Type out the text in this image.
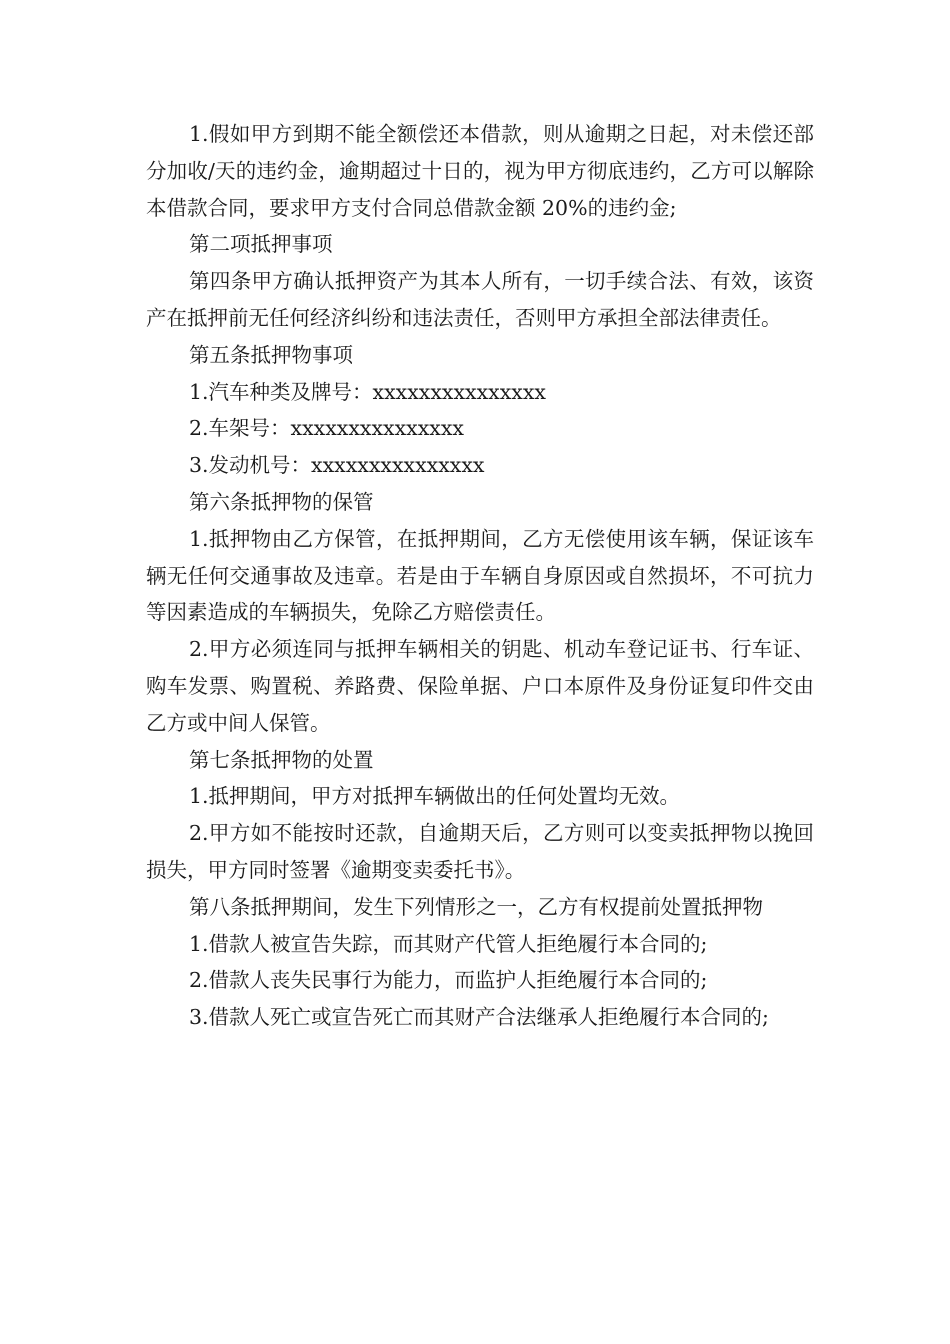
1.假如甲方到期不能全额偿还本借款，则从逾期之日起，对未偿还部分加收/天的违约金，逾期超过十日的，视为甲方彻底违约，乙方可以解除本借款合同，要求甲方支付合同总借款金额 20%的违约金;

第二项抵押事项

第四条甲方确认抵押资产为其本人所有，一切手续合法、有效，该资产在抵押前无任何经济纠纷和违法责任，否则甲方承担全部法律责任。

第五条抵押物事项

1.汽车种类及牌号：xxxxxxxxxxxxxxx

2.车架号：xxxxxxxxxxxxxxx

3.发动机号：xxxxxxxxxxxxxxx

第六条抵押物的保管

1.抵押物由乙方保管，在抵押期间，乙方无偿使用该车辆，保证该车辆无任何交通事故及违章。若是由于车辆自身原因或自然损坏，不可抗力等因素造成的车辆损失，免除乙方赔偿责任。

2.甲方必须连同与抵押车辆相关的钥匙、机动车登记证书、行车证、购车发票、购置税、养路费、保险单据、户口本原件及身份证复印件交由乙方或中间人保管。

第七条抵押物的处置

1.抵押期间，甲方对抵押车辆做出的任何处置均无效。

2.甲方如不能按时还款，自逾期天后，乙方则可以变卖抵押物以挽回损失，甲方同时签署《逾期变卖委托书》。

第八条抵押期间，发生下列情形之一，乙方有权提前处置抵押物

1.借款人被宣告失踪，而其财产代管人拒绝履行本合同的;

2.借款人丧失民事行为能力，而监护人拒绝履行本合同的;

3.借款人死亡或宣告死亡而其财产合法继承人拒绝履行本合同的;
